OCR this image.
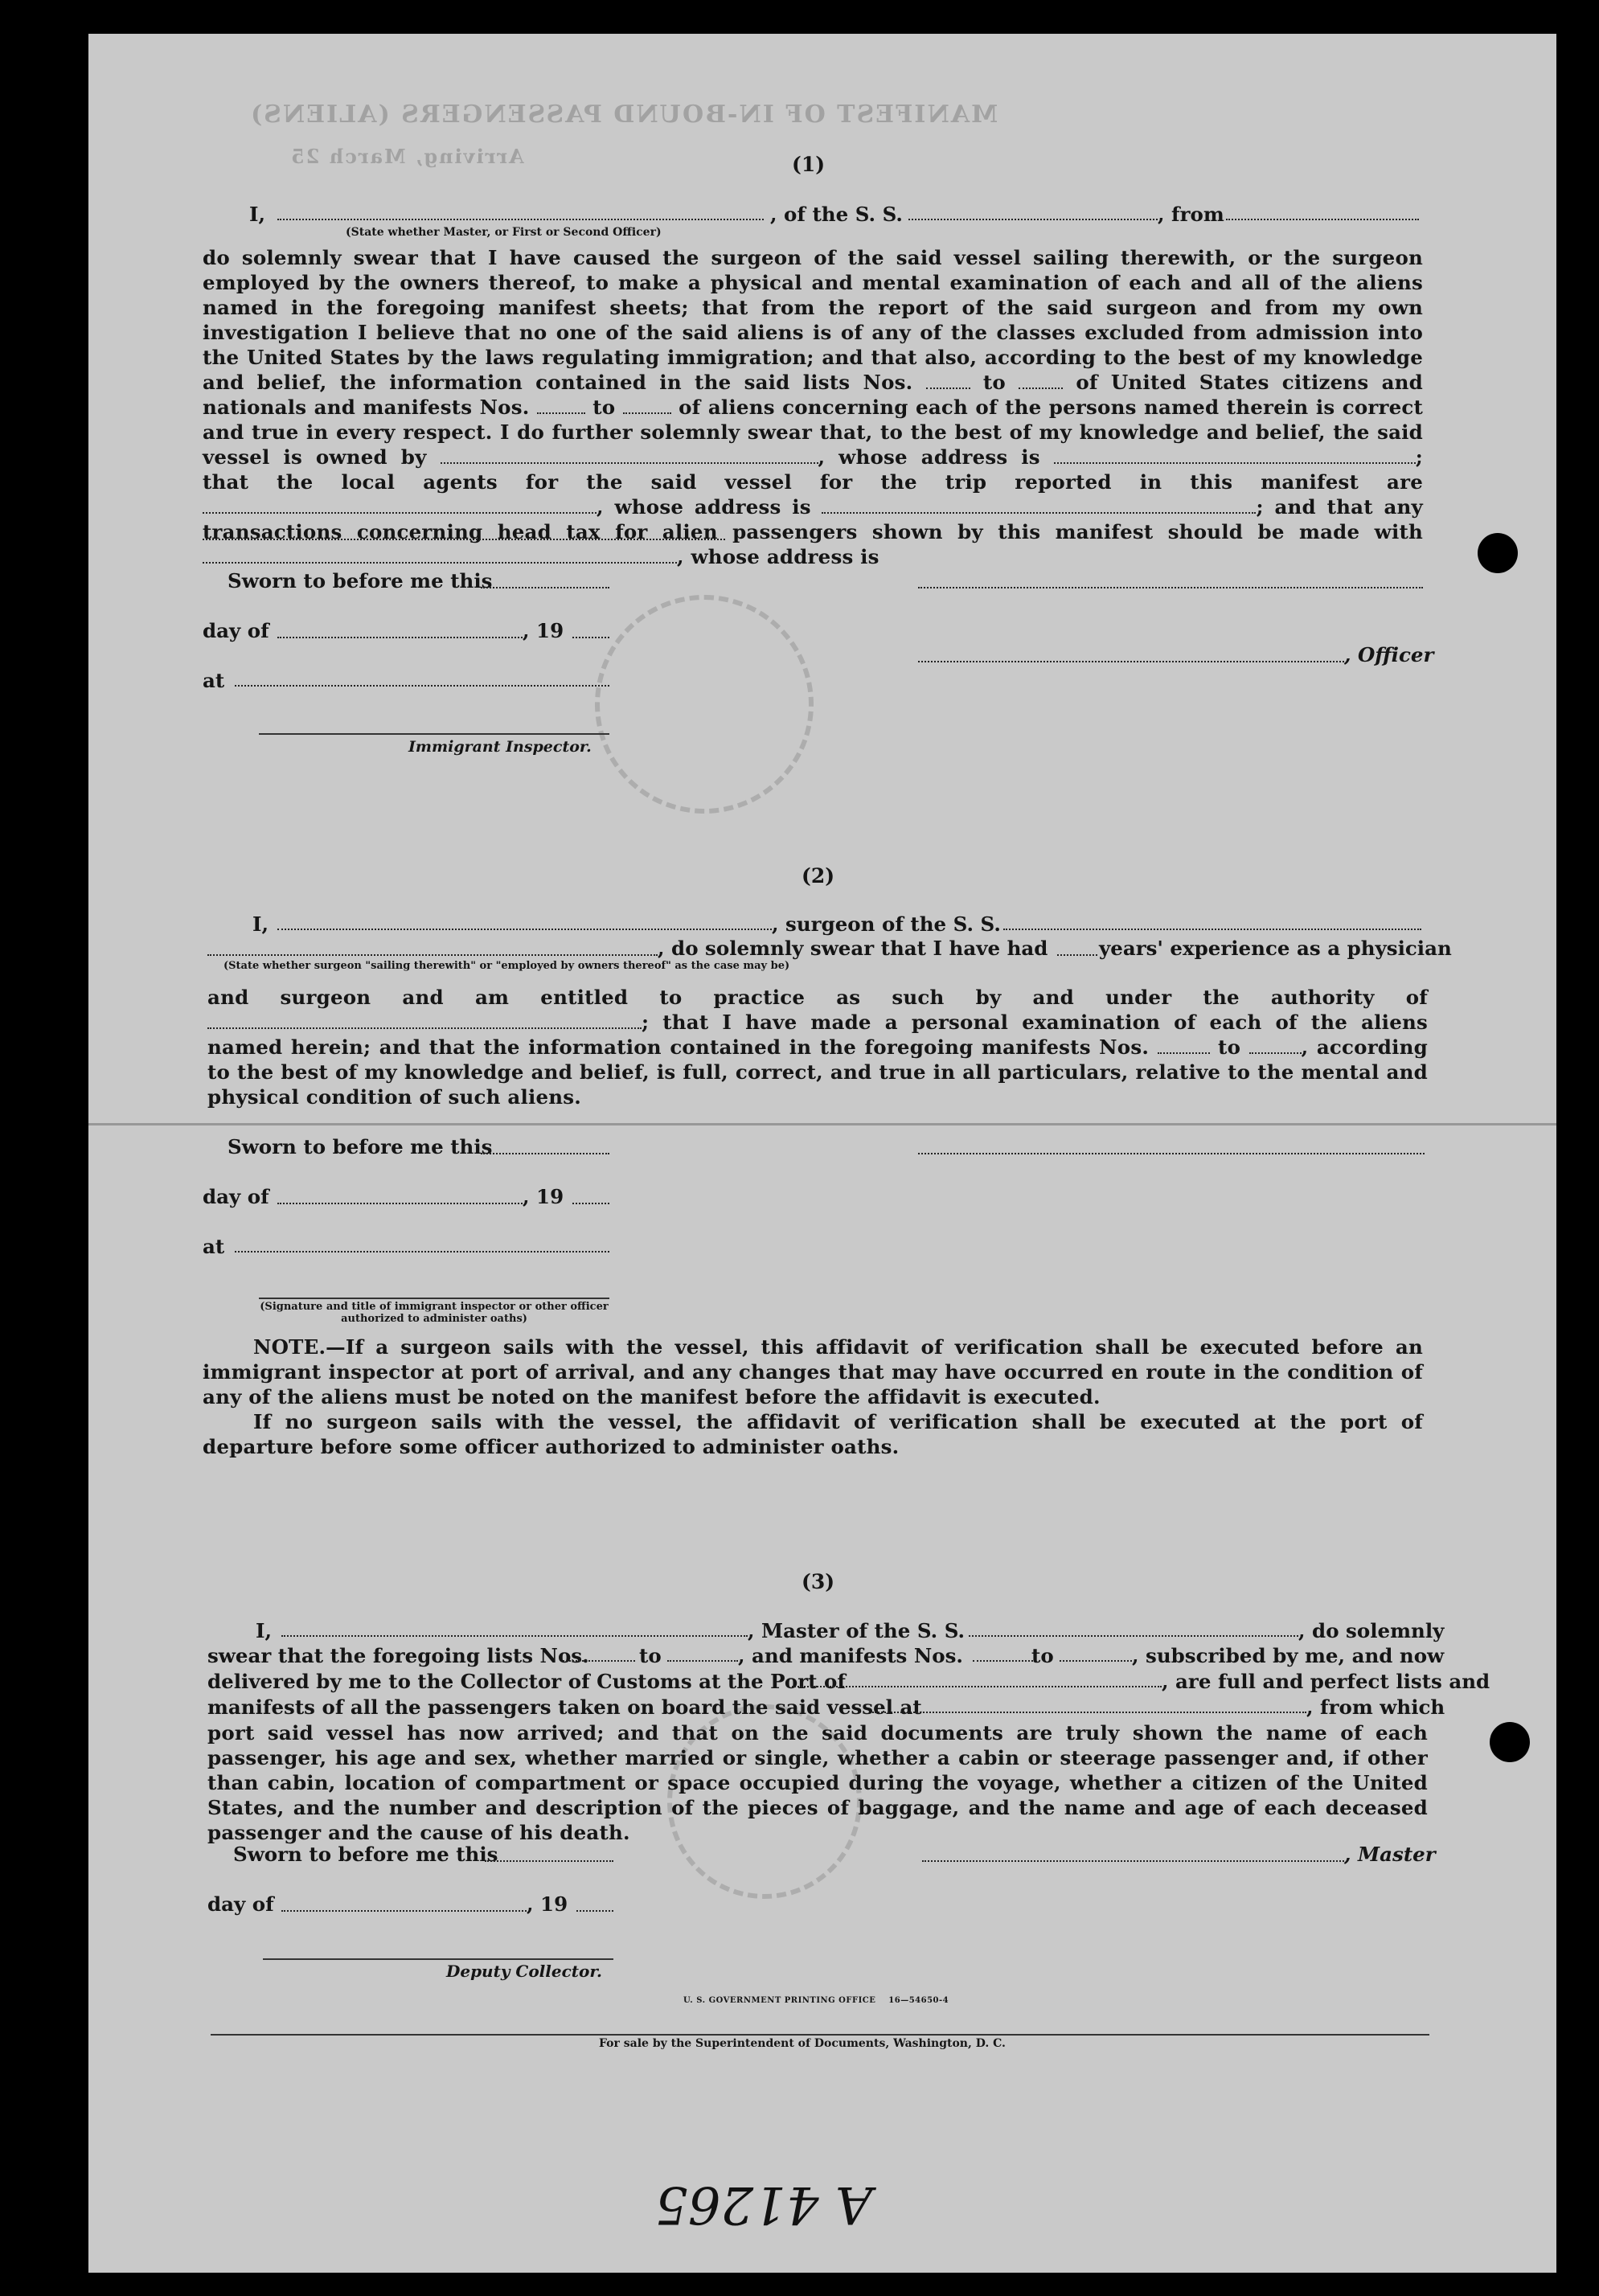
MANIFEST OF IN-BOUND PASSENGERS (ALIENS)
Arriving, March 25	(1)
I,	, of the S. S.	, from
(State whether Master, or First or Second Officer)

do solemnly swear that I have caused the surgeon of the said vessel sailing therewith, or the surgeon employed by the owners thereof, to make a physical and mental examination of each and all of the aliens named in the foregoing manifest sheets; that from the report of the said surgeon and from my own investigation I believe that no one of the said aliens is of any of the classes excluded from admission into the United States by the laws regulating immigration; and that also, according to the best of my knowledge and belief, the information contained in the said lists Nos.	to	of United States citizens and nationals and manifests Nos.	to	of aliens concerning each of the persons named therein is correct and true in every respect. I do further solemnly swear that, to the best of my knowledge and belief, the said vessel is owned by	, whose address is	; that the local agents for the said vessel for the trip reported in this manifest are , whose address is	; and that any transactions concerning head tax for alien passengers shown by this manifest should be made with , whose address is

Sworn to before me this
day of	, 19
, Officer
at
Immigrant Inspector.
(2)
I,	, surgeon of the S. S.
, do solemnly swear that I have had	years' experience as a physician
(State whether surgeon "sailing therewith" or "employed by owners thereof" as the case may be)

and surgeon and am entitled to practice as such by and under the authority of ; that I have made a personal examination of each of the aliens named herein; and that the information contained in the foregoing manifests Nos.	to	, according to the best of my knowledge and belief, is full, correct, and true in all particulars, relative to the mental and physical condition of such aliens.

Sworn to before me this
day of	, 19
at
(Signature and title of immigrant inspector or other officer authorized to administer oaths)

NOTE.—If a surgeon sails with the vessel, this affidavit of verification shall be executed before an immigrant inspector at port of arrival, and any changes that may have occurred en route in the condition of any of the aliens must be noted on the manifest before the affidavit is executed.

If no surgeon sails with the vessel, the affidavit of verification shall be executed at the port of departure before some officer authorized to administer oaths.

(3)
I,	, Master of the S. S.	, do solemnly
swear that the foregoing lists Nos.	to	, and manifests Nos.	to	, subscribed by me, and now
delivered by me to the Collector of Customs at the Port of	, are full and perfect lists and
manifests of all the passengers taken on board the said vessel at	, from which
port said vessel has now arrived; and that on the said documents are truly shown the name of each passenger, his age and sex, whether married or single, whether a cabin or steerage passenger and, if other than cabin, location of compartment or space occupied during the voyage, whether a citizen of the United States, and the number and description of the pieces of baggage, and the name and age of each deceased passenger and the cause of his death.
Sworn to before me this	, Master
day of	, 19
Deputy Collector.
U. S. GOVERNMENT PRINTING OFFICE    16—54650-4
For sale by the Superintendent of Documents, Washington, D. C.
A 41265
